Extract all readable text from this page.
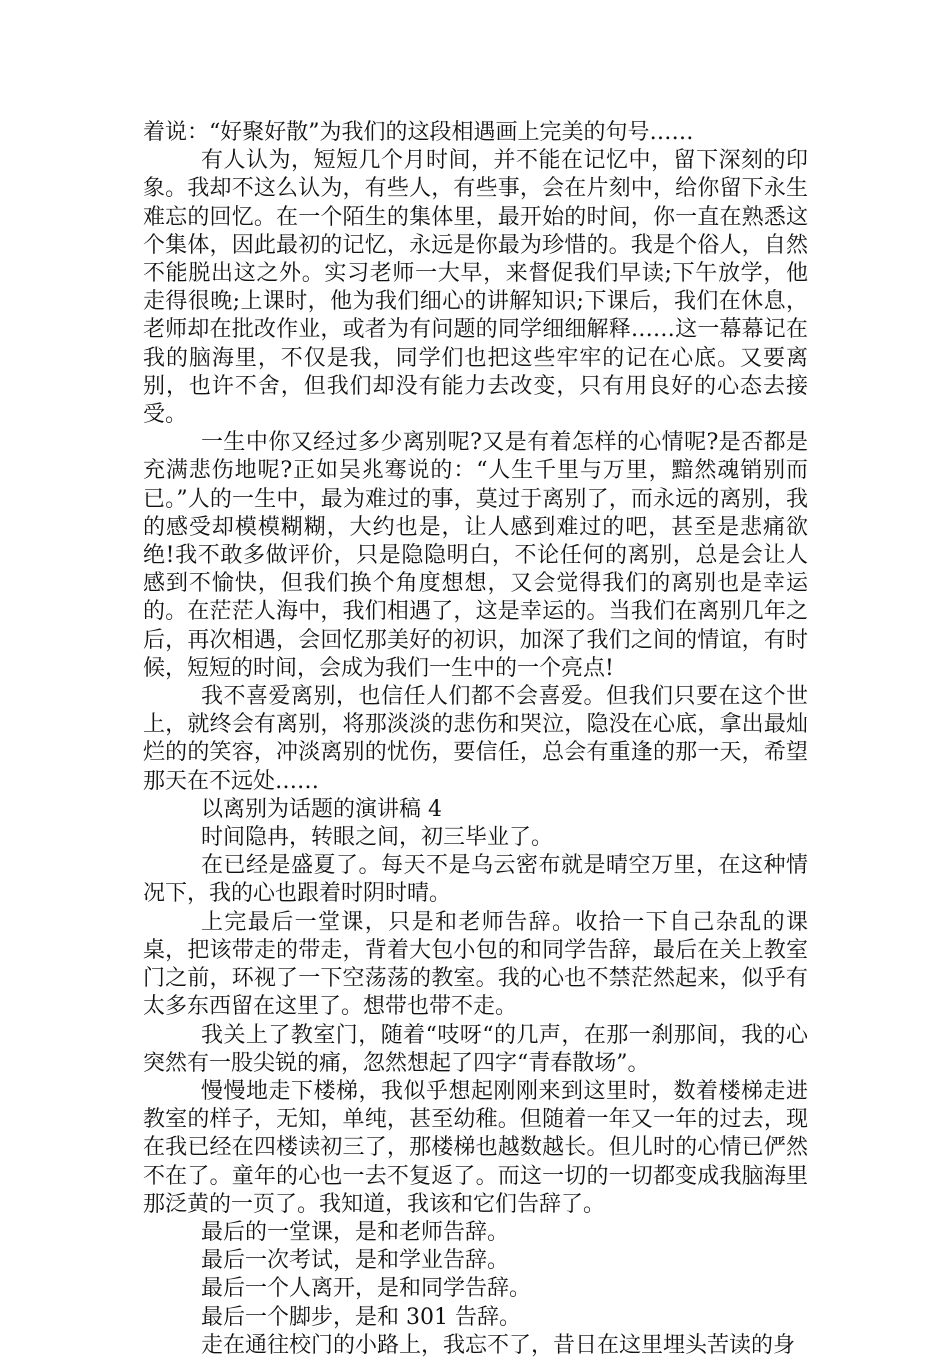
着说：“好聚好散”为我们的这段相遇画上完美的句号……

有人认为，短短几个月时间，并不能在记忆中，留下深刻的印象。我却不这么认为，有些人，有些事，会在片刻中，给你留下永生难忘的回忆。在一个陌生的集体里，最开始的时间，你一直在熟悉这个集体，因此最初的记忆，永远是你最为珍惜的。我是个俗人，自然不能脱出这之外。实习老师一大早，来督促我们早读;下午放学，他走得很晚;上课时，他为我们细心的讲解知识;下课后，我们在休息，老师却在批改作业，或者为有问题的同学细细解释……这一幕幕记在我的脑海里，不仅是我，同学们也把这些牢牢的记在心底。又要离别，也许不舍，但我们却没有能力去改变，只有用良好的心态去接受。

一生中你又经过多少离别呢?又是有着怎样的心情呢?是否都是充满悲伤地呢?正如吴兆骞说的：“人生千里与万里，黯然魂销别而已。”人的一生中，最为难过的事，莫过于离别了，而永远的离别，我的感受却模模糊糊，大约也是，让人感到难过的吧，甚至是悲痛欲绝!我不敢多做评价，只是隐隐明白，不论任何的离别，总是会让人感到不愉快，但我们换个角度想想，又会觉得我们的离别也是幸运的。在茫茫人海中，我们相遇了，这是幸运的。当我们在离别几年之后，再次相遇，会回忆那美好的初识，加深了我们之间的情谊，有时候，短短的时间，会成为我们一生中的一个亮点!

我不喜爱离别，也信任人们都不会喜爱。但我们只要在这个世上，就终会有离别，将那淡淡的悲伤和哭泣，隐没在心底，拿出最灿烂的的笑容，冲淡离别的忧伤，要信任，总会有重逢的那一天，希望那天在不远处……

以离别为话题的演讲稿 4

时间隐冉，转眼之间，初三毕业了。

在已经是盛夏了。每天不是乌云密布就是晴空万里，在这种情况下，我的心也跟着时阴时晴。

上完最后一堂课，只是和老师告辞。收拾一下自己杂乱的课桌，把该带走的带走，背着大包小包的和同学告辞，最后在关上教室门之前，环视了一下空荡荡的教室。我的心也不禁茫然起来，似乎有太多东西留在这里了。想带也带不走。

我关上了教室门，随着“吱呀“的几声，在那一刹那间，我的心突然有一股尖锐的痛，忽然想起了四字“青春散场”。

慢慢地走下楼梯，我似乎想起刚刚来到这里时，数着楼梯走进教室的样子，无知，单纯，甚至幼稚。但随着一年又一年的过去，现在我已经在四楼读初三了，那楼梯也越数越长。但儿时的心情已俨然不在了。童年的心也一去不复返了。而这一切的一切都变成我脑海里那泛黄的一页了。我知道，我该和它们告辞了。

最后的一堂课，是和老师告辞。

最后一次考试，是和学业告辞。

最后一个人离开，是和同学告辞。

最后一个脚步，是和 301 告辞。

走在通往校门的小路上，我忘不了，昔日在这里埋头苦读的身
